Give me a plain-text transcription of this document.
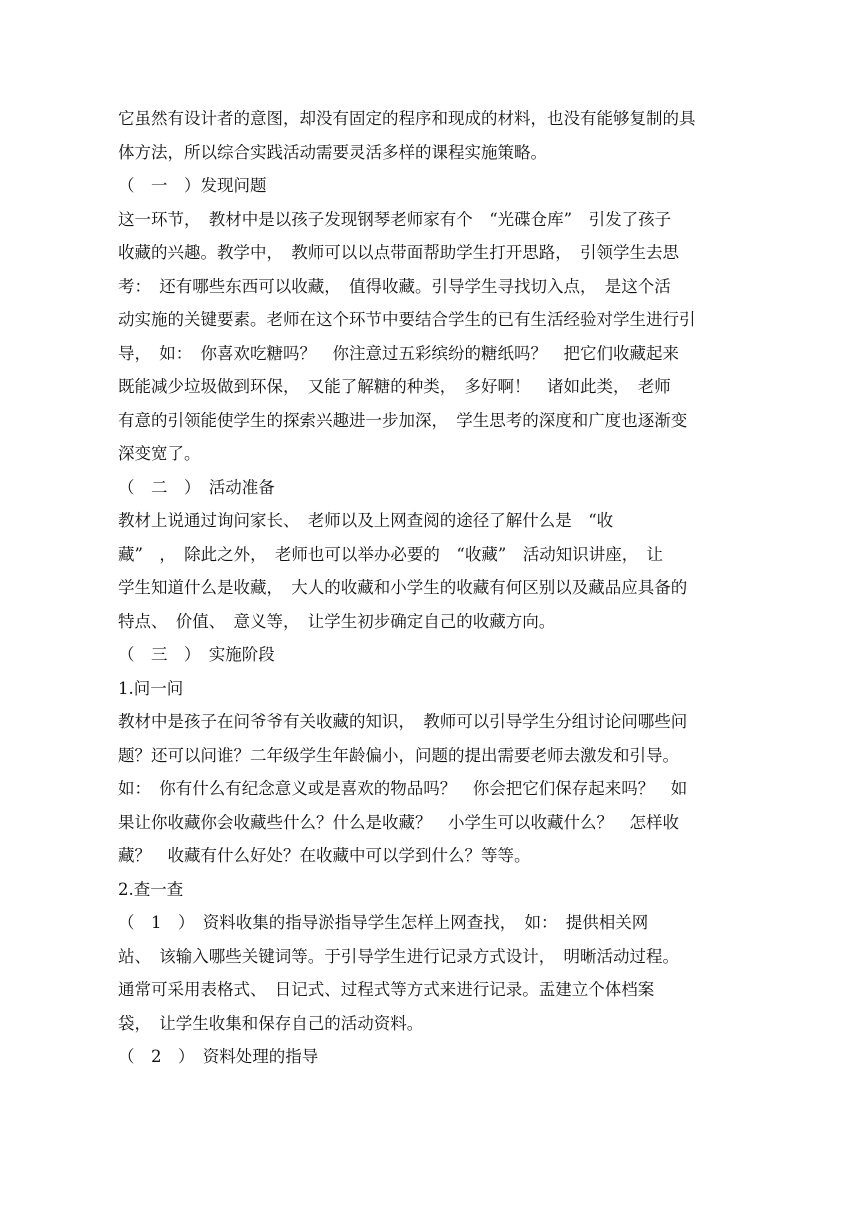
它虽然有设计者的意图，却没有固定的程序和现成的材料，也没有能够复制的具
体方法，所以综合实践活动需要灵活多样的课程实施策略。
（　一　）发现问题
这一环节，　教材中是以孩子发现钢琴老师家有个　“光碟仓库”　引发了孩子
收藏的兴趣。教学中，　教师可以以点带面帮助学生打开思路，　引领学生去思
考：　还有哪些东西可以收藏，　值得收藏。引导学生寻找切入点，　是这个活
动实施的关键要素。老师在这个环节中要结合学生的已有生活经验对学生进行引
导，　如：　你喜欢吃糖吗？　你注意过五彩缤纷的糖纸吗？　把它们收藏起来
既能减少垃圾做到环保，　又能了解糖的种类，　多好啊！　诸如此类，　老师
有意的引领能使学生的探索兴趣进一步加深，　学生思考的深度和广度也逐渐变
深变宽了。
（　二　）　活动准备
教材上说通过询问家长、　老师以及上网查阅的途径了解什么是　“收
藏”　，　除此之外，　老师也可以举办必要的　“收藏”　活动知识讲座，　让
学生知道什么是收藏，　大人的收藏和小学生的收藏有何区别以及藏品应具备的
特点、　价值、　意义等，　让学生初步确定自己的收藏方向。
（　三　）　实施阶段
1.问一问
教材中是孩子在问爷爷有关收藏的知识，　教师可以引导学生分组讨论问哪些问
题？还可以问谁？二年级学生年龄偏小，问题的提出需要老师去激发和引导。
如：　你有什么有纪念意义或是喜欢的物品吗？　你会把它们保存起来吗？　如
果让你收藏你会收藏些什么？什么是收藏？　小学生可以收藏什么？　怎样收
藏？　收藏有什么好处？在收藏中可以学到什么？等等。
2.查一查
（　1　）　资料收集的指导淤指导学生怎样上网查找，　如：　提供相关网
站、　该输入哪些关键词等。于引导学生进行记录方式设计，　明晰活动过程。
通常可采用表格式、　日记式、过程式等方式来进行记录。盂建立个体档案
袋，　让学生收集和保存自己的活动资料。
（　2　）　资料处理的指导
